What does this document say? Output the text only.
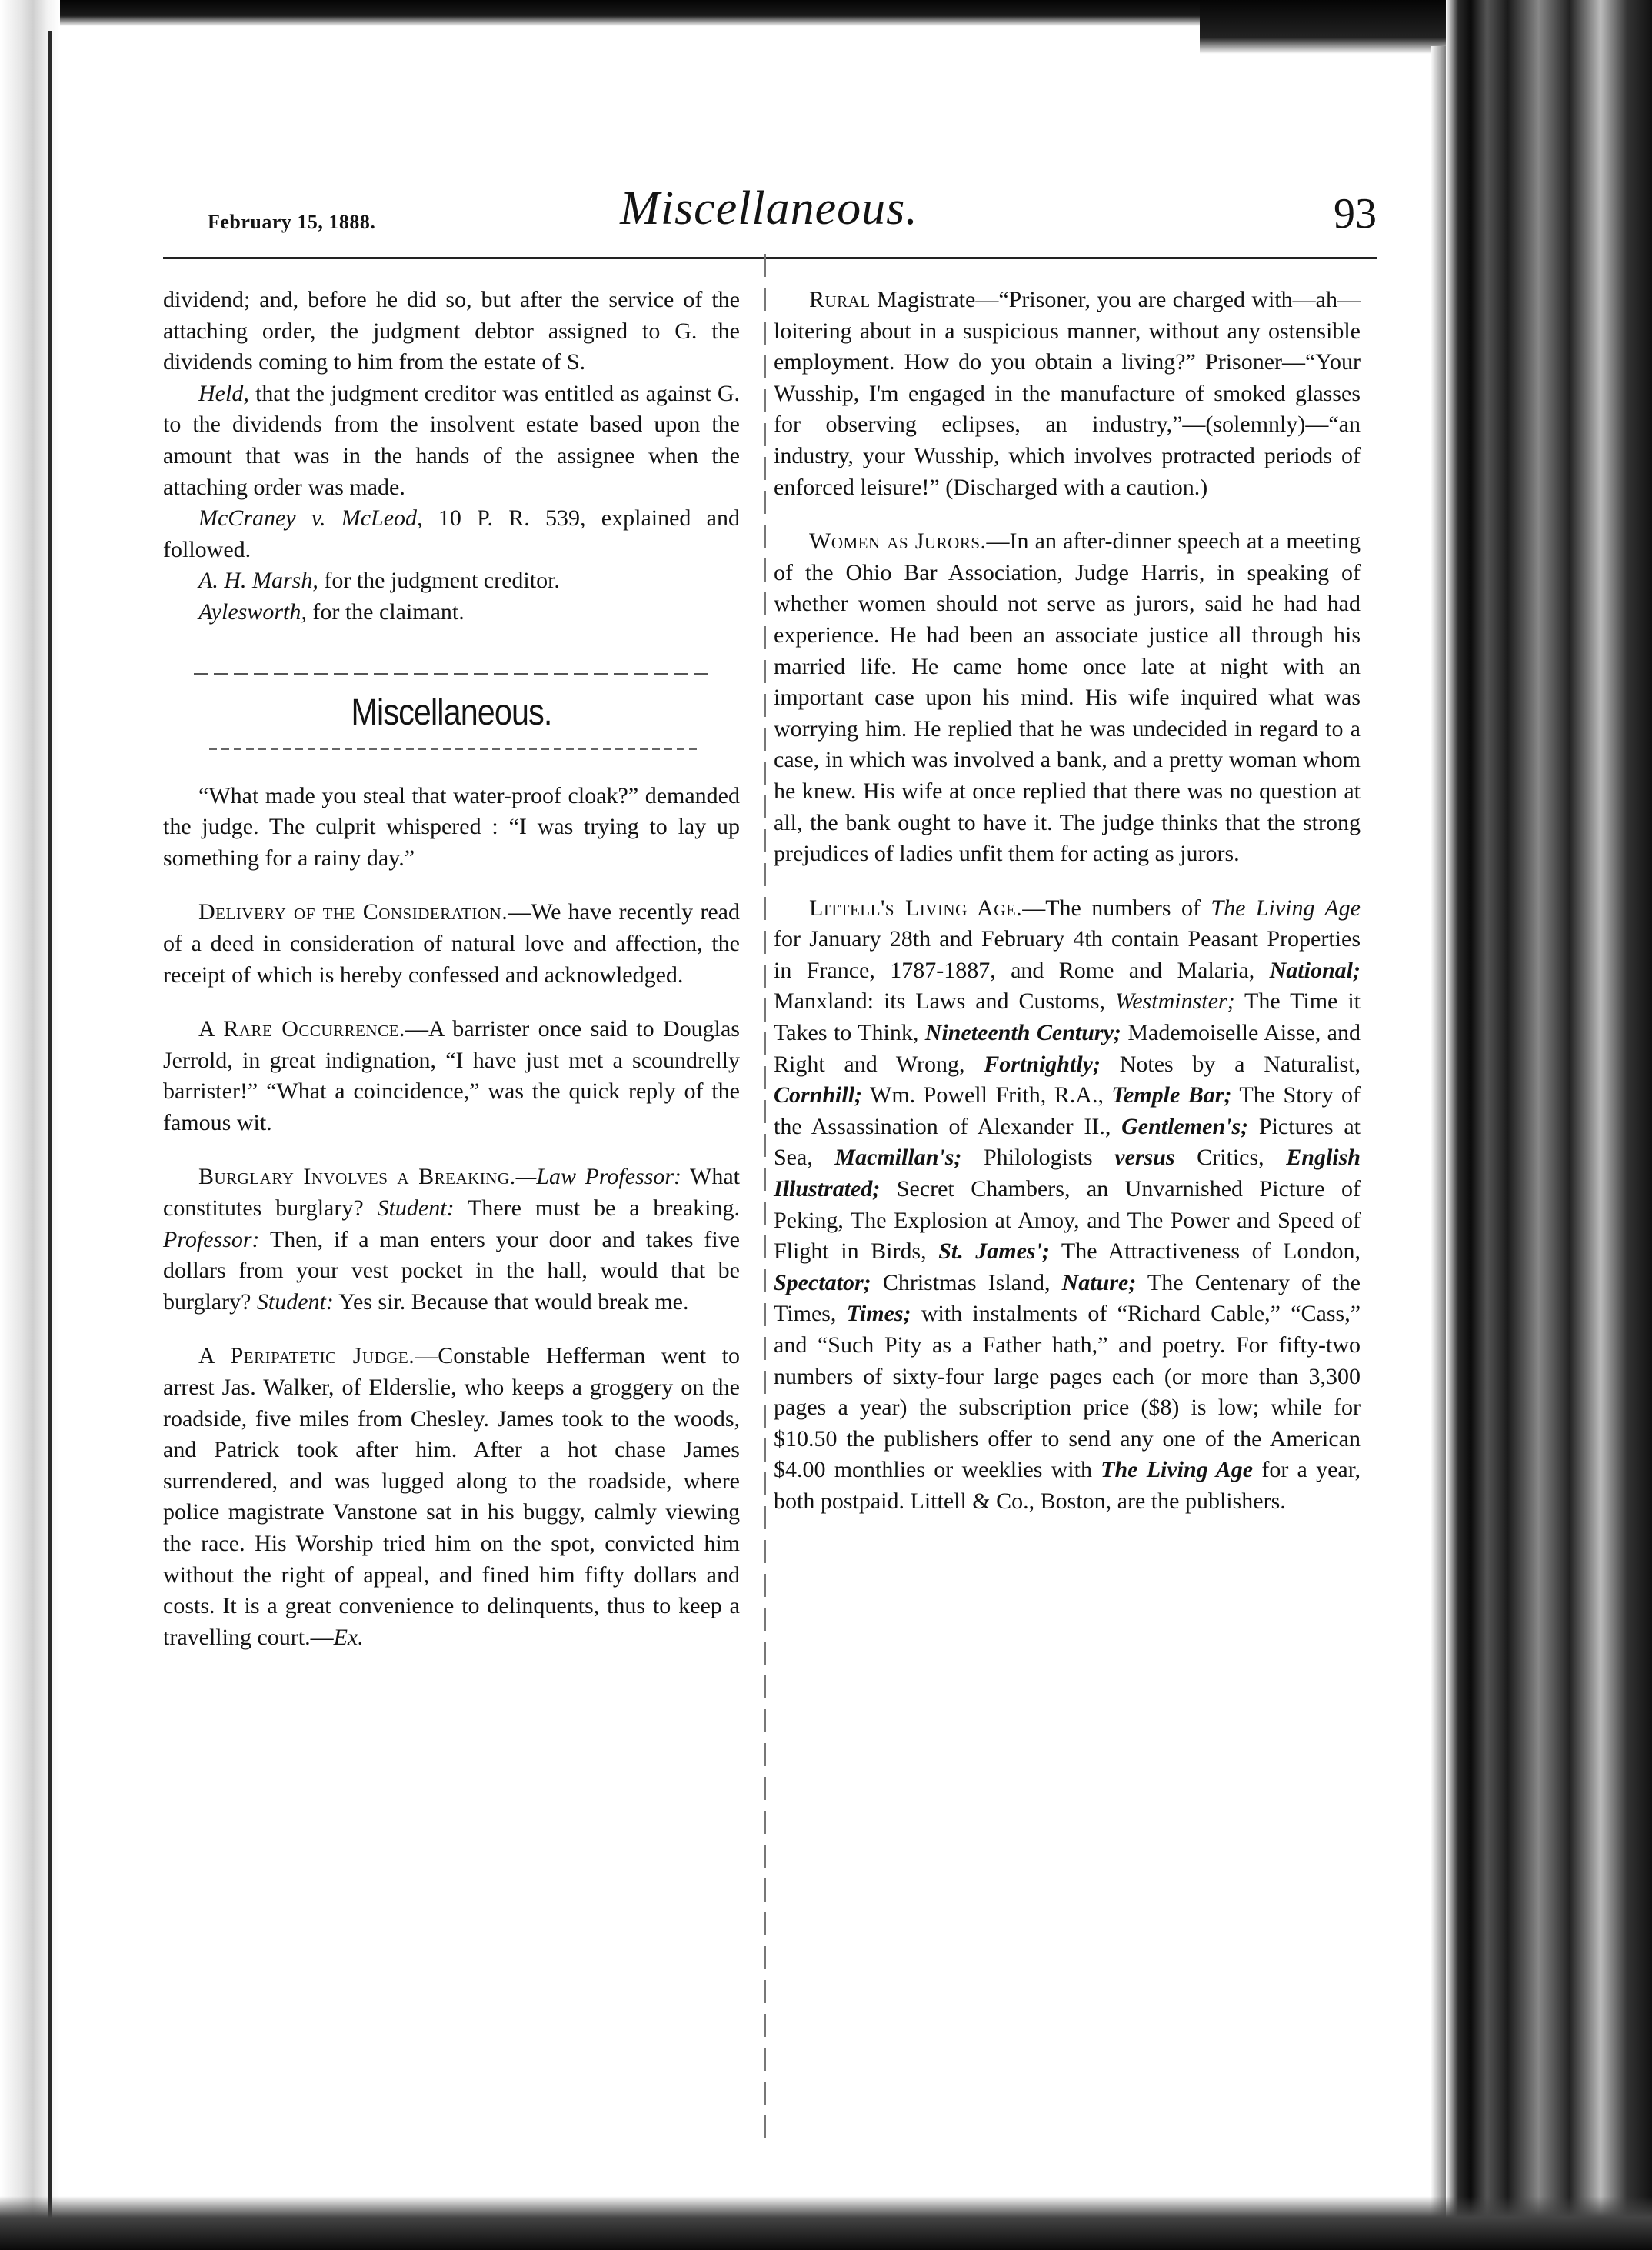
February 15, 1888.	Miscellaneous.	93

dividend; and, before he did so, but after the service of the attaching order, the judgment debtor assigned to G. the dividends coming to him from the estate of S.

Held, that the judgment creditor was entitled as against G. to the dividends from the insolvent estate based upon the amount that was in the hands of the assignee when the attaching order was made.

McCraney v. McLeod, 10 P. R. 539, explained and followed.

A. H. Marsh, for the judgment creditor.

Aylesworth, for the claimant.

Miscellaneous.

“What made you steal that water-proof cloak?” demanded the judge. The culprit whispered : “I was trying to lay up something for a rainy day.”

Delivery of the Consideration.—We have recently read of a deed in consideration of natural love and affection, the receipt of which is hereby confessed and acknowledged.

A Rare Occurrence.—A barrister once said to Douglas Jerrold, in great indignation, “I have just met a scoundrelly barrister!” “What a coincidence,” was the quick reply of the famous wit.

Burglary Involves a Breaking.—Law Professor: What constitutes burglary? Student: There must be a breaking. Professor: Then, if a man enters your door and takes five dollars from your vest pocket in the hall, would that be burglary? Student: Yes sir. Because that would break me.

A Peripatetic Judge.—Constable Hefferman went to arrest Jas. Walker, of Elderslie, who keeps a groggery on the roadside, five miles from Chesley. James took to the woods, and Patrick took after him. After a hot chase James surrendered, and was lugged along to the roadside, where police magistrate Vanstone sat in his buggy, calmly viewing the race. His Worship tried him on the spot, convicted him without the right of appeal, and fined him fifty dollars and costs. It is a great convenience to delinquents, thus to keep a travelling court.—Ex.

Rural Magistrate—“Prisoner, you are charged with—ah—loitering about in a suspicious manner, without any ostensible employment. How do you obtain a living?” Prisoner—“Your Wusship, I'm engaged in the manufacture of smoked glasses for observing eclipses, an industry,”—(solemnly)—“an industry, your Wusship, which involves protracted periods of enforced leisure!” (Discharged with a caution.)

Women as Jurors.—In an after-dinner speech at a meeting of the Ohio Bar Association, Judge Harris, in speaking of whether women should not serve as jurors, said he had had experience. He had been an associate justice all through his married life. He came home once late at night with an important case upon his mind. His wife inquired what was worrying him. He replied that he was undecided in regard to a case, in which was involved a bank, and a pretty woman whom he knew. His wife at once replied that there was no question at all, the bank ought to have it. The judge thinks that the strong prejudices of ladies unfit them for acting as jurors.

Littell's Living Age.—The numbers of The Living Age for January 28th and February 4th contain Peasant Properties in France, 1787-1887, and Rome and Malaria, National; Manxland: its Laws and Customs, Westminster; The Time it Takes to Think, Nineteenth Century; Mademoiselle Aisse, and Right and Wrong, Fortnightly; Notes by a Naturalist, Cornhill; Wm. Powell Frith, R.A., Temple Bar; The Story of the Assassination of Alexander II., Gentlemen's; Pictures at Sea, Macmillan's; Philologists versus Critics, English Illustrated; Secret Chambers, an Unvarnished Picture of Peking, The Explosion at Amoy, and The Power and Speed of Flight in Birds, St. James'; The Attractiveness of London, Spectator; Christmas Island, Nature; The Centenary of the Times, Times; with instalments of “Richard Cable,” “Cass,” and “Such Pity as a Father hath,” and poetry. For fifty-two numbers of sixty-four large pages each (or more than 3,300 pages a year) the subscription price ($8) is low; while for $10.50 the publishers offer to send any one of the American $4.00 monthlies or weeklies with The Living Age for a year, both postpaid. Littell & Co., Boston, are the publishers.
